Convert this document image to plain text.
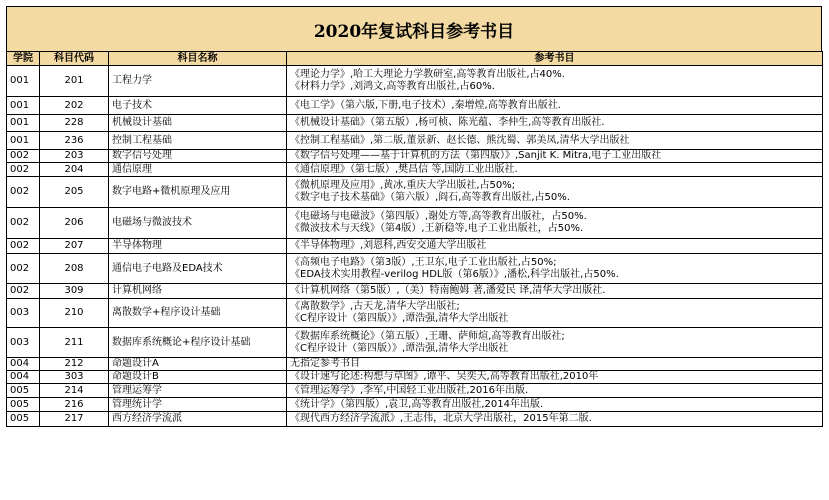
2020年复试科目参考书目
学院	科目代码	科目名称	参考书目
001	201	工程力学	《理论力学》,哈工大理论力学教研室,高等教育出版社,占40%.
《材料力学》,刘鸿文,高等教育出版社,占60%.

001	202	电子技术	《电工学》（第六版,下册,电子技术）,秦增煌,高等教育出版社.

001	228	机械设计基础	《机械设计基础》（第五版）,杨可桢、陈光蕴、李仲生,高等教育出版社.

001	236	控制工程基础	《控制工程基础》,第二版,董景新、赵长德、熊沈蜀、郭美凤,清华大学出版社

002	203	数字信号处理	《数字信号处理——基于计算机的方法（第四版）》,Sanjit K. Mitra,电子工业出版社

002	204	通信原理	《通信原理》（第七版）,樊昌信 等,国防工业出版社.

002	205	数字电路+微机原理及应用	《微机原理及应用》,黄冰,重庆大学出版社,占50%;
《数字电子技术基础》（第六版）,阎石,高等教育出版社,占50%.

002	206	电磁场与微波技术	《电磁场与电磁波》（第四版）,谢处方等,高等教育出版社，占50%.
《微波技术与天线》（第4版）,王新稳等,电子工业出版社，占50%.

002	207	半导体物理	《半导体物理》,刘恩科,西安交通大学出版社

002	208	通信电子电路及EDA技术	《高频电子电路》（第3版）,王卫东,电子工业出版社,占50%;
《EDA技术实用教程-verilog HDL版（第6版）》,潘松,科学出版社,占50%.

002	309	计算机网络	《计算机网络（第5版）,（美）特南鲍姆 著,潘爱民 译,清华大学出版社.

003	210	离散数学+程序设计基础	《离散数学》,古天龙,清华大学出版社;
《C程序设计（第四版）》,谭浩强,清华大学出版社

003	211	数据库系统概论+程序设计基础	《数据库系统概论》（第五版）,王珊、萨师煊,高等教育出版社;
《C程序设计（第四版）》,谭浩强,清华大学出版社

004	212	命题设计A	无指定参考书目

004	303	命题设计B	《设计速写论述:构想与草图》,谭平、吴奕天,高等教育出版社,2010年

005	214	管理运筹学	《管理运筹学》,李军,中国轻工业出版社,2016年出版.

005	216	管理统计学	《统计学》（第四版）,袁卫,高等教育出版社,2014年出版.

005	217	西方经济学流派	《现代西方经济学流派》,王志伟，北京大学出版社，2015年第二版.
